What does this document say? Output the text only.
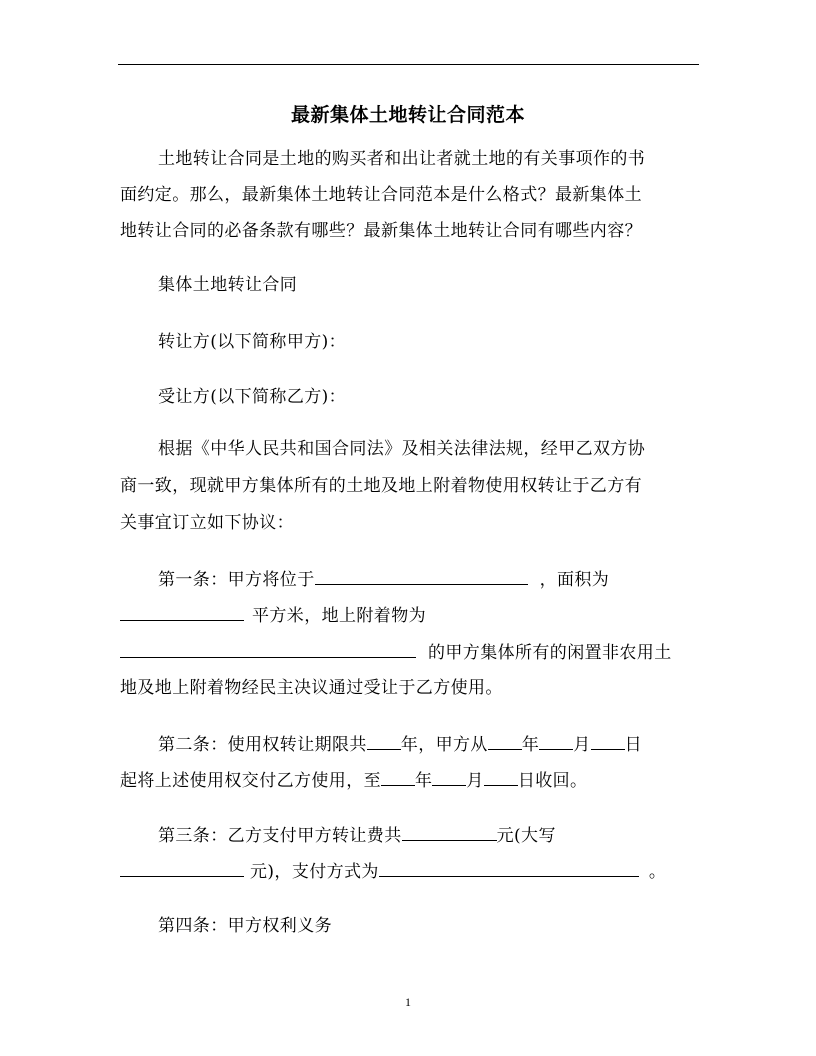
最新集体土地转让合同范本
土地转让合同是土地的购买者和出让者就土地的有关事项作的书
面约定。那么，最新集体土地转让合同范本是什么格式？最新集体土
地转让合同的必备条款有哪些？最新集体土地转让合同有哪些内容？
集体土地转让合同
转让方(以下简称甲方)：
受让方(以下简称乙方)：
根据《中华人民共和国合同法》及相关法律法规，经甲乙双方协
商一致，现就甲方集体所有的土地及地上附着物使用权转让于乙方有
关事宜订立如下协议：
第一条：甲方将位于	，面积为
平方米，地上附着物为
的甲方集体所有的闲置非农用土
地及地上附着物经民主决议通过受让于乙方使用。
第二条：使用权转让期限共 年，甲方从 年 月 日
起将上述使用权交付乙方使用，至 年 月 日收回。
第三条：乙方支付甲方转让费共	元(大写
元)，支付方式为	。
第四条：甲方权利义务
1
